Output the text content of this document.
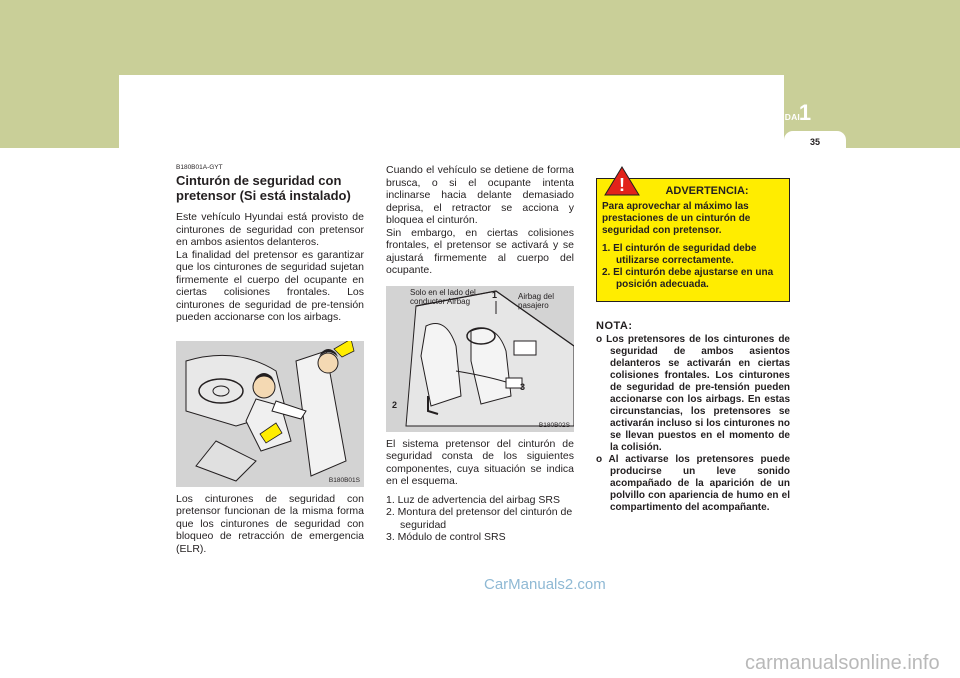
COMPONENTES DE SU HYUNDAI
1
35
B180B01A-GYT
Cinturón de seguridad con pretensor (Si está instalado)

Este vehículo Hyundai está provisto de cinturones de seguridad con pretensor en ambos asientos delanteros.

La finalidad del pretensor es garantizar que los cinturones de seguridad sujetan firmemente el cuerpo del ocupante en ciertas colisiones frontales. Los cinturones de seguridad de pre-tensión pueden accionarse con los airbags.

B180B01S

Los cinturones de seguridad con pretensor funcionan de la misma forma que los cinturones de seguridad con bloqueo de retracción de emergencia (ELR).

Cuando el vehículo se detiene de forma brusca, o si el ocupante intenta inclinarse hacia delante demasiado deprisa, el retractor se acciona y bloquea el cinturón.

Sin embargo, en ciertas colisiones frontales, el pretensor se activará y se ajustará firmemente al cuerpo del ocupante.

Solo en el lado del conductor Airbag
Airbag del pasajero
1
2
3
B180B02S

El sistema pretensor del cinturón de seguridad consta de los siguientes componentes, cuya situación se indica en el esquema.

1. Luz de advertencia del airbag SRS
2. Montura del pretensor del cinturón de seguridad
3. Módulo de control SRS
ADVERTENCIA:

Para aprovechar al máximo las prestaciones de un cinturón de seguridad con pretensor.

1. El cinturón de seguridad debe utilizarse correctamente.
2. El cinturón debe ajustarse en una posición adecuada.
!
NOTA:
o Los pretensores de los cinturones de seguridad de ambos asientos delanteros se activarán en ciertas colisiones frontales. Los cinturones de seguridad de pre-tensión pueden accionarse con los airbags. En estas circunstancias, los pretensores se activarán incluso si los cinturones no se llevan puestos en el momento de la colisión.
o Al activarse los pretensores puede producirse un leve sonido acompañado de la aparición de un polvillo con apariencia de humo en el compartimento del acompañante.
CarManuals2.com
carmanualsonline.info
